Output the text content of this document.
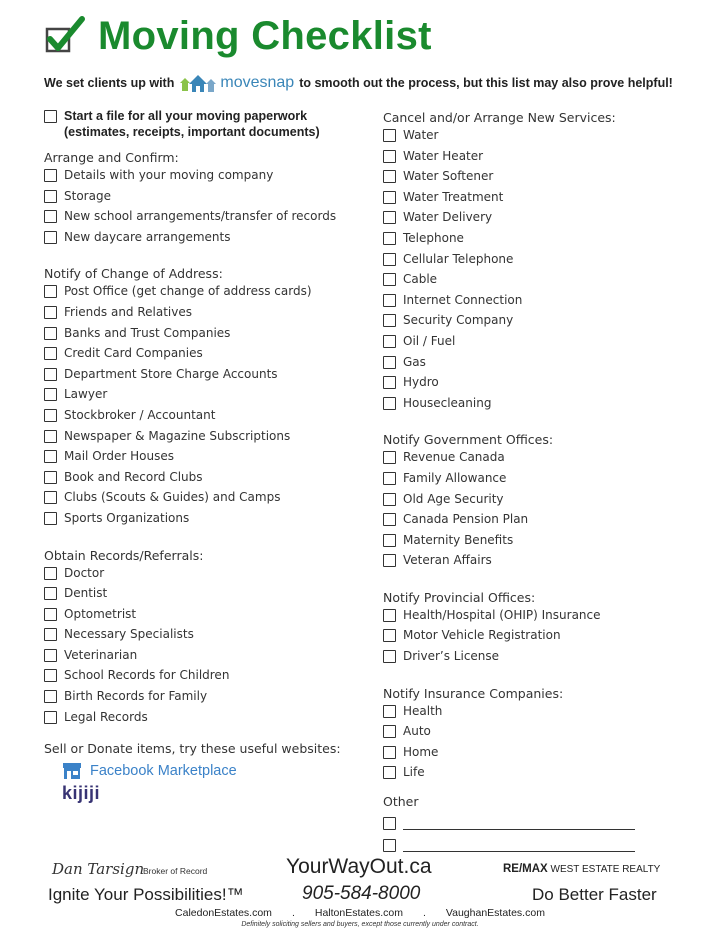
Moving Checklist
We set clients up with	movesnap to smooth out the process, but this list may also prove helpful!
Start a file for all your moving paperwork
(estimates, receipts, important documents)
Arrange and Confirm:
Details with your moving company
Storage
New school arrangements/transfer of records
New daycare arrangements
Notify of Change of Address:
Post Office (get change of address cards)
Friends and Relatives
Banks and Trust Companies
Credit Card Companies
Department Store Charge Accounts
Lawyer
Stockbroker / Accountant
Newspaper & Magazine Subscriptions
Mail Order Houses
Book and Record Clubs
Clubs (Scouts & Guides) and Camps
Sports Organizations
Obtain Records/Referrals:
Doctor
Dentist
Optometrist
Necessary Specialists
Veterinarian
School Records for Children
Birth Records for Family
Legal Records
Sell or Donate items, try these useful websites:
Facebook Marketplace
kijiji
Cancel and/or Arrange New Services:
Water
Water Heater
Water Softener
Water Treatment
Water Delivery
Telephone
Cellular Telephone
Cable
Internet Connection
Security Company
Oil / Fuel
Gas
Hydro
Housecleaning
Notify Government Offices:
Revenue Canada
Family Allowance
Old Age Security
Canada Pension Plan
Maternity Benefits
Veteran Affairs
Notify Provincial Offices:
Health/Hospital (OHIP) Insurance
Motor Vehicle Registration
Driver’s License
Notify Insurance Companies:
Health
Auto
Home
Life
Other
Dan Tarsign
Broker of Record	YourWayOut.ca	RE/MAX WEST ESTATE REALTY
Ignite Your Possibilities!™	905-584-8000	Do Better Faster
CaledonEstates.com . HaltonEstates.com . VaughanEstates.com
Definitely soliciting sellers and buyers, except those currently under contract.
